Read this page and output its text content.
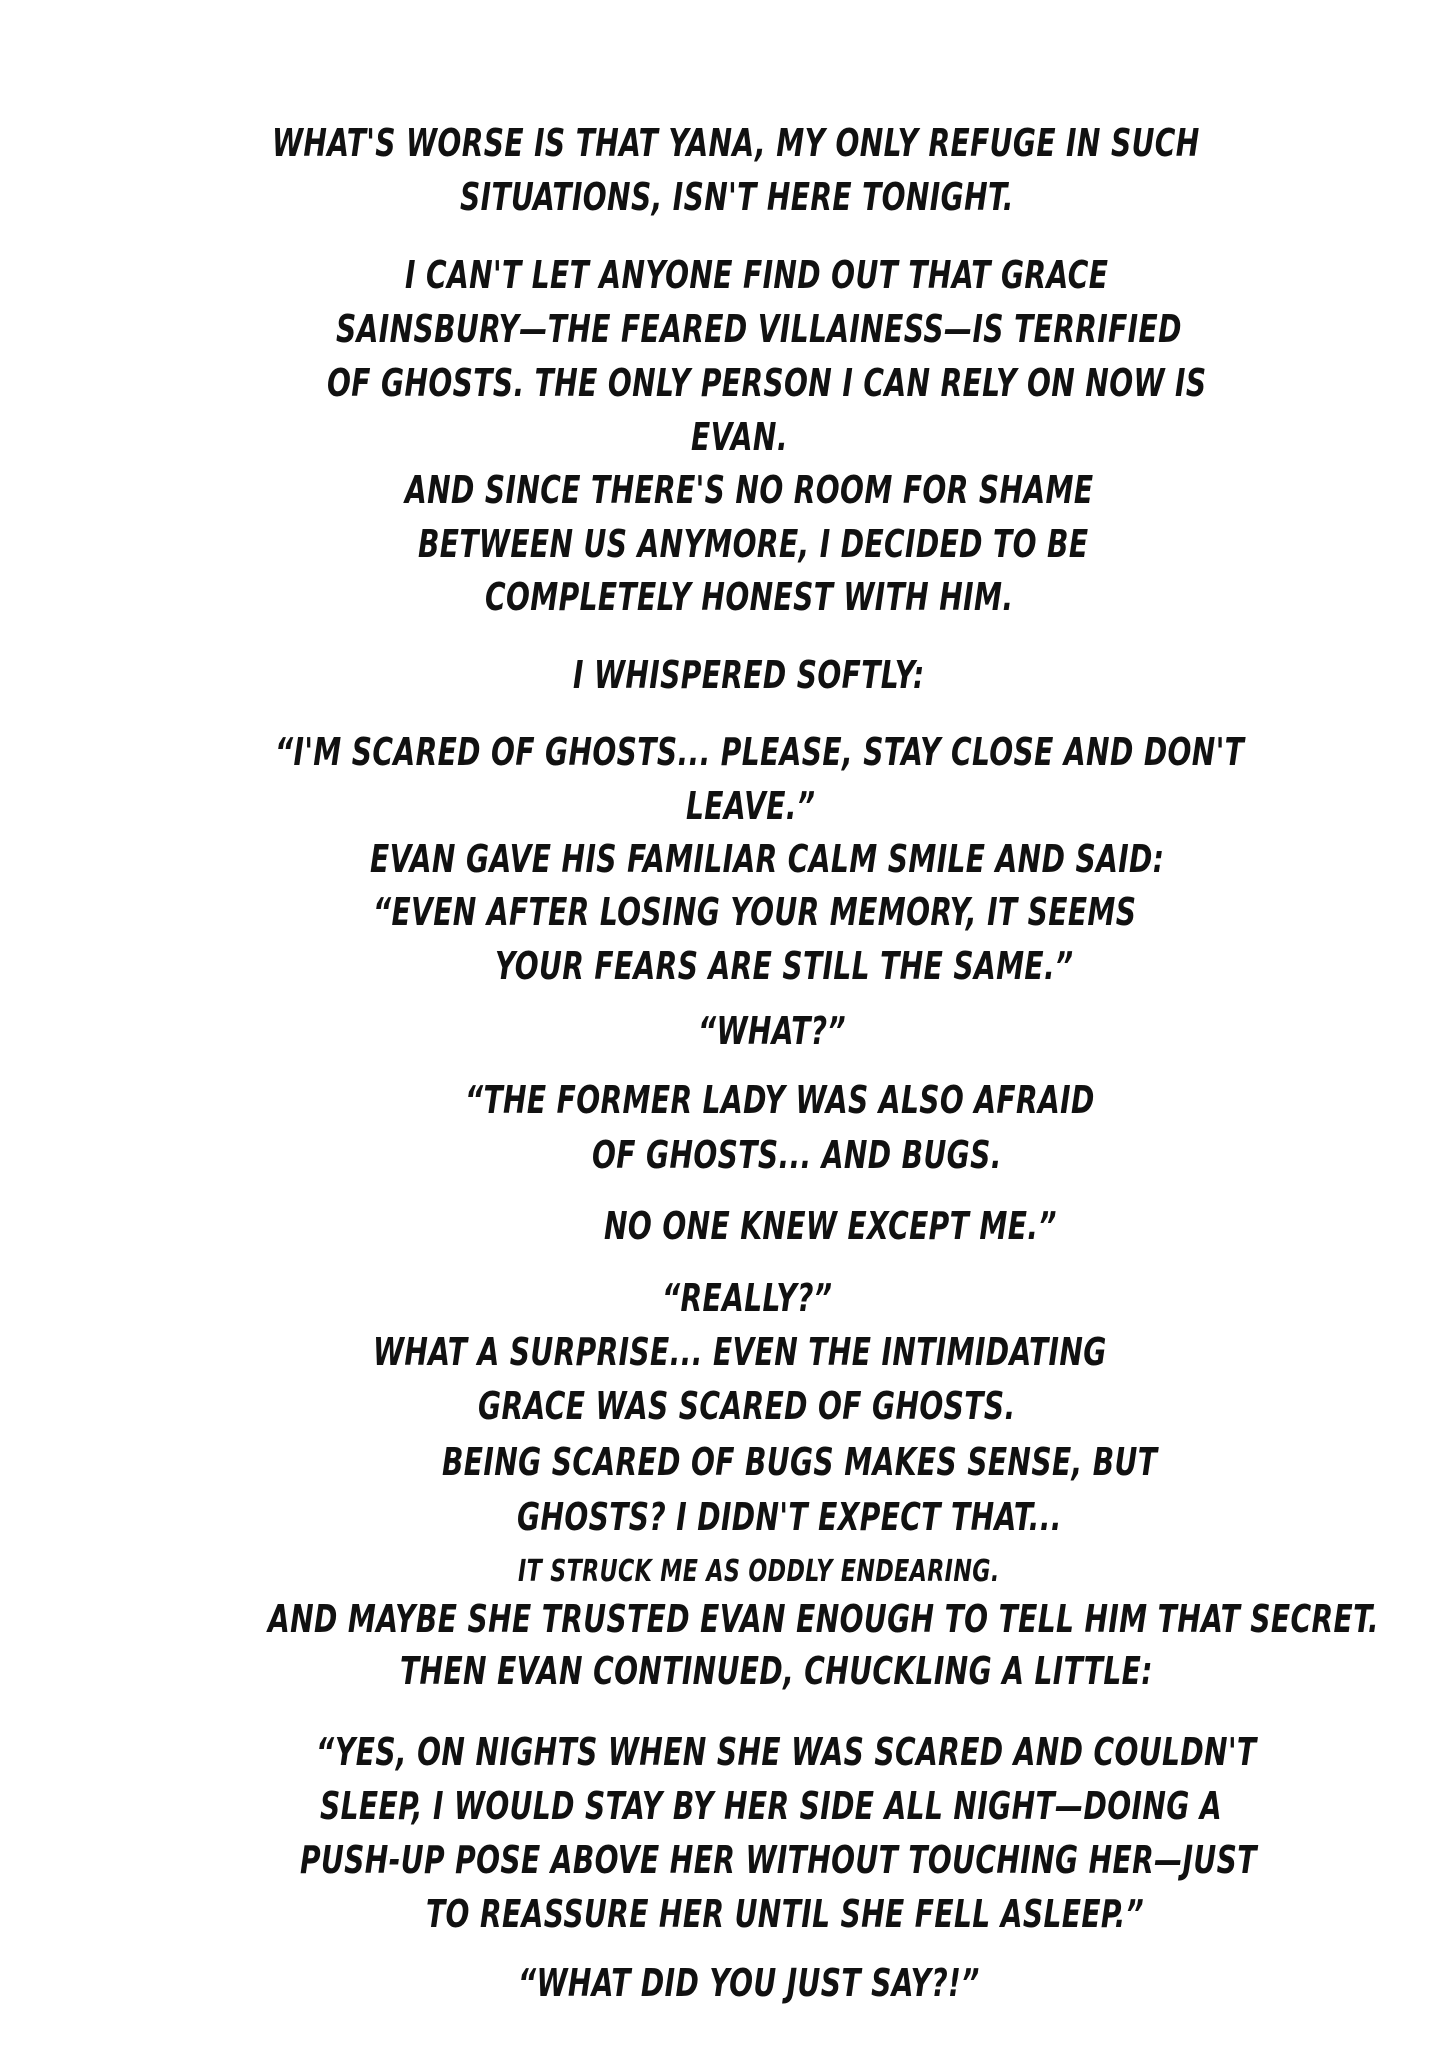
WHAT'S WORSE IS THAT YANA, MY ONLY REFUGE IN SUCH
SITUATIONS, ISN'T HERE TONIGHT.
I CAN'T LET ANYONE FIND OUT THAT GRACE
SAINSBURY—THE FEARED VILLAINESS—IS TERRIFIED
OF GHOSTS. THE ONLY PERSON I CAN RELY ON NOW IS
EVAN.
AND SINCE THERE'S NO ROOM FOR SHAME
BETWEEN US ANYMORE, I DECIDED TO BE
COMPLETELY HONEST WITH HIM.
I WHISPERED SOFTLY:
“I'M SCARED OF GHOSTS... PLEASE, STAY CLOSE AND DON'T
LEAVE.”
EVAN GAVE HIS FAMILIAR CALM SMILE AND SAID:
“EVEN AFTER LOSING YOUR MEMORY, IT SEEMS
YOUR FEARS ARE STILL THE SAME.”
“WHAT?”
“THE FORMER LADY WAS ALSO AFRAID
OF GHOSTS... AND BUGS.
NO ONE KNEW EXCEPT ME.”
“REALLY?”
WHAT A SURPRISE... EVEN THE INTIMIDATING
GRACE WAS SCARED OF GHOSTS.
BEING SCARED OF BUGS MAKES SENSE, BUT
GHOSTS? I DIDN'T EXPECT THAT...
IT STRUCK ME AS ODDLY ENDEARING.
AND MAYBE SHE TRUSTED EVAN ENOUGH TO TELL HIM THAT SECRET.
THEN EVAN CONTINUED, CHUCKLING A LITTLE:
“YES, ON NIGHTS WHEN SHE WAS SCARED AND COULDN'T
SLEEP, I WOULD STAY BY HER SIDE ALL NIGHT—DOING A
PUSH-UP POSE ABOVE HER WITHOUT TOUCHING HER—JUST
TO REASSURE HER UNTIL SHE FELL ASLEEP.”
“WHAT DID YOU JUST SAY?!”
